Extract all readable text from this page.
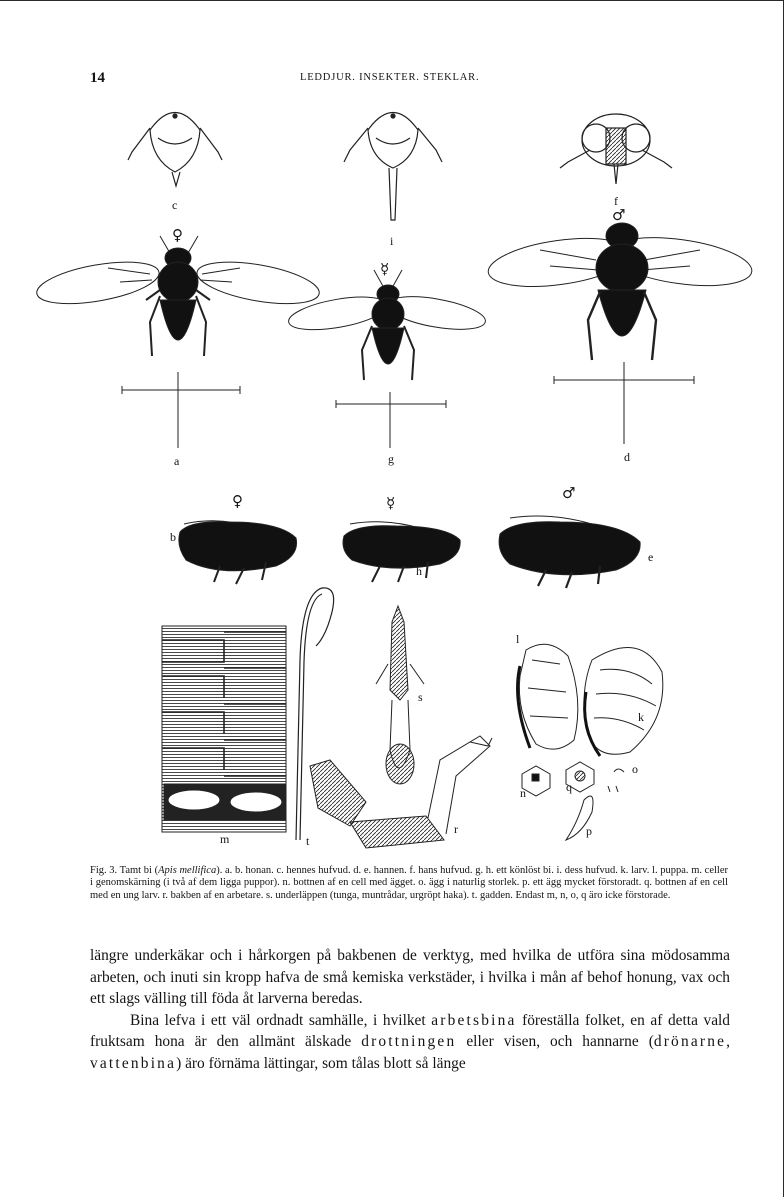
14	LEDDJUR. INSEKTER. STEKLAR.
c
i
f
a	g	d
b
h
e
l
k
s
m	t
r
n	q
o
p
♀
☿
♂
♀	☿
♂
Fig. 3. Tamt bi (Apis mellifica). a. b. honan. c. hennes hufvud. d. e. hannen. f. hans hufvud. g. h. ett könlöst bi. i. dess hufvud. k. larv. l. puppa. m. celler i genomskärning (i två af dem ligga puppor). n. bottnen af en cell med ägget. o. ägg i naturlig storlek. p. ett ägg mycket förstoradt. q. bottnen af en cell med en ung larv. r. bakben af en arbetare. s. underläppen (tunga, muntrådar, urgröpt haka). t. gadden. Endast m, n, o, q äro icke förstorade.

längre underkäkar och i hårkorgen på bakbenen de verktyg, med hvilka de utföra sina mödosamma arbeten, och inuti sin kropp hafva de små kemiska verkstäder, i hvilka i mån af behof honung, vax och ett slags välling till föda åt larverna beredas.

Bina lefva i ett väl ordnadt samhälle, i hvilket arbetsbina föreställa folket, en af detta vald fruktsam hona är den allmänt älskade drottningen eller visen, och hannarne (drönarne, vattenbina) äro förnäma lättingar, som tålas blott så länge
